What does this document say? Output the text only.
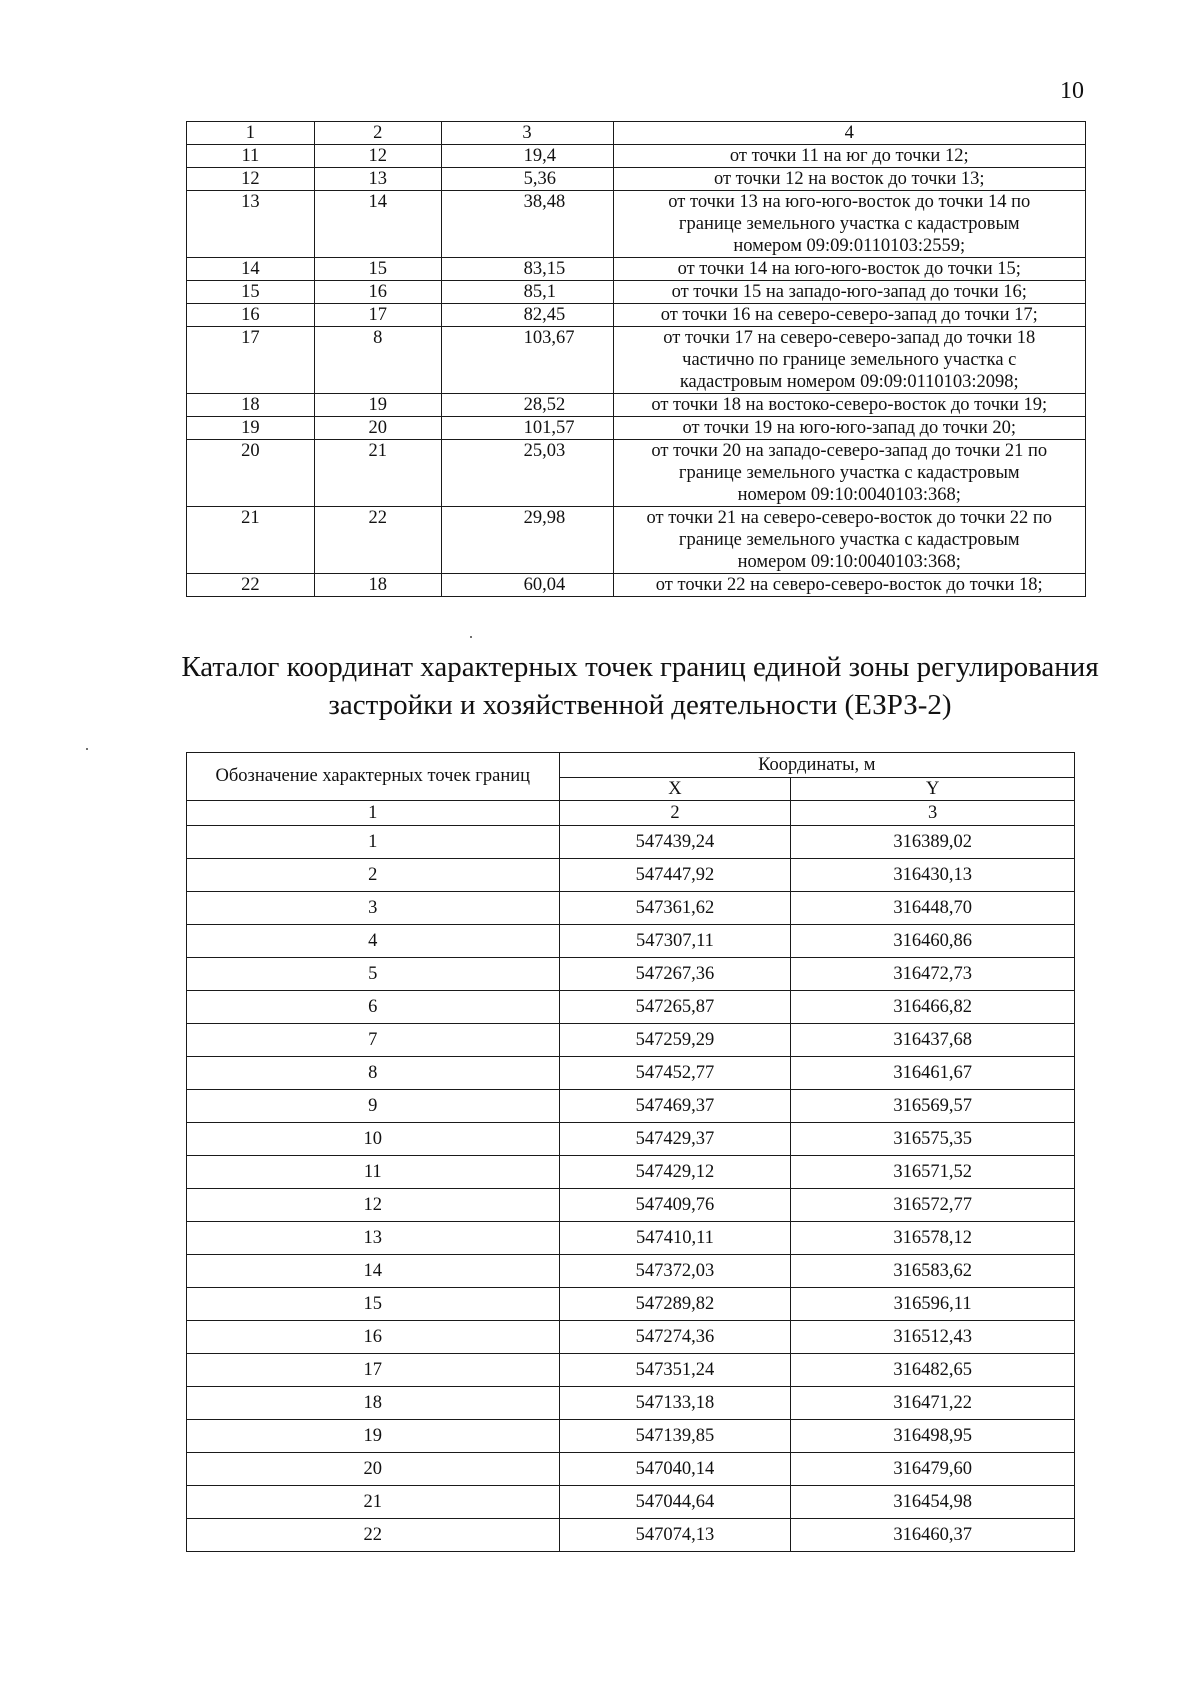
10
1	2	3	4
11	12	19,4	от точки 11 на юг до точки 12;

12	13	5,36	от точки 12 на восток до точки 13;

13	14	38,48	от точки 13 на юго-юго-восток до точки 14 по
границе земельного участка с кадастровым
номером 09:09:0110103:2559;

14	15	83,15	от точки 14 на юго-юго-восток до точки 15;

15	16	85,1	от точки 15 на западо-юго-запад до точки 16;

16	17	82,45	от точки 16 на северо-северо-запад до точки 17;

17	8	103,67	от точки 17 на северо-северо-запад до точки 18
частично по границе земельного участка с
кадастровым номером 09:09:0110103:2098;

18	19	28,52	от точки 18 на востоко-северо-восток до точки 19;

19	20	101,57	от точки 19 на юго-юго-запад до точки 20;

20	21	25,03	от точки 20 на западо-северо-запад до точки 21 по
границе земельного участка с кадастровым
номером 09:10:0040103:368;

21	22	29,98	от точки 21 на северо-северо-восток до точки 22 по
границе земельного участка с кадастровым
номером 09:10:0040103:368;

22	18	60,04	от точки 22 на северо-северо-восток до точки 18;
Каталог координат характерных точек границ единой зоны регулирования
застройки и хозяйственной деятельности (ЕЗРЗ-2)
Обозначение характерных точек границ	Координаты, м	
	X	Y
1	2	3
1	547439,24	316389,02
2	547447,92	316430,13
3	547361,62	316448,70
4	547307,11	316460,86
5	547267,36	316472,73
6	547265,87	316466,82
7	547259,29	316437,68
8	547452,77	316461,67
9	547469,37	316569,57
10	547429,37	316575,35
11	547429,12	316571,52
12	547409,76	316572,77
13	547410,11	316578,12
14	547372,03	316583,62
15	547289,82	316596,11
16	547274,36	316512,43
17	547351,24	316482,65
18	547133,18	316471,22
19	547139,85	316498,95
20	547040,14	316479,60
21	547044,64	316454,98
22	547074,13	316460,37
